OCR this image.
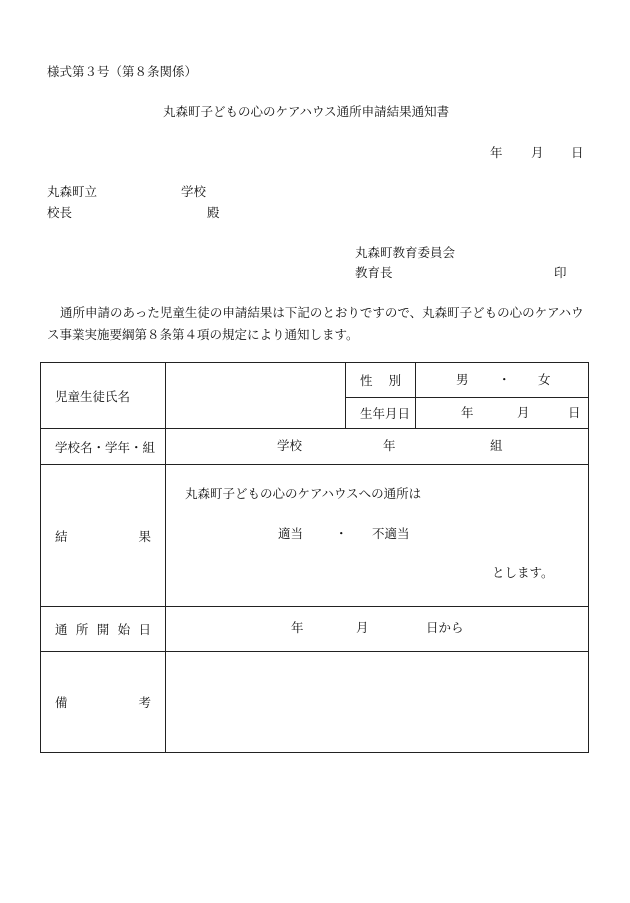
様式第３号（第８条関係）
丸森町子どもの心のケアハウス通所申請結果通知書
年 月 日
丸森町立	学校
校長	殿
丸森町教育委員会
教育長	印
通所申請のあった児童生徒の申請結果は下記のとおりですので、丸森町子どもの心のケアハウス事業実施要綱第８条第４項の規定により通知します。
児童生徒氏名		性 別	男 ・ 女

		生年月日	年 月 日

学校名・学年・組	学校 年 組		

結 果	丸森町子どもの心のケアハウスへの通所は
適当 ・ 不適当
とします。		

通 所 開 始 日	年 月 日から		

備 考			
